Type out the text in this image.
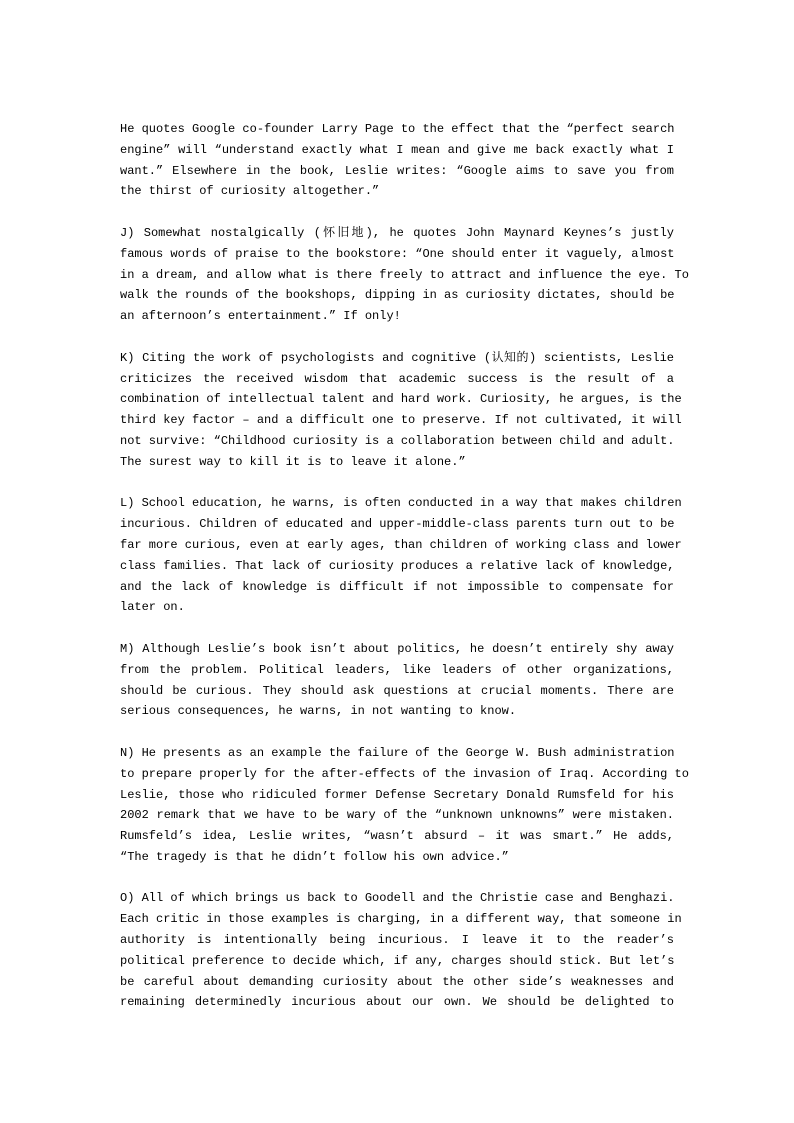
He quotes Google co-founder Larry Page to the effect that the “perfect search
engine” will “understand exactly what I mean and give me back exactly what I
want.” Elsewhere in the book, Leslie writes: “Google aims to save you from
the thirst of curiosity altogether.”
J) Somewhat nostalgically (怀旧地), he quotes John Maynard Keynes’s justly
famous words of praise to the bookstore: “One should enter it vaguely, almost
in a dream, and allow what is there freely to attract and influence the eye. To
walk the rounds of the bookshops, dipping in as curiosity dictates, should be
an afternoon’s entertainment.” If only!
K) Citing the work of psychologists and cognitive (认知的) scientists, Leslie
criticizes the received wisdom that academic success is the result of a
combination of intellectual talent and hard work. Curiosity, he argues, is the
third key factor – and a difficult one to preserve. If not cultivated, it will
not survive: “Childhood curiosity is a collaboration between child and adult.
The surest way to kill it is to leave it alone.”
L) School education, he warns, is often conducted in a way that makes children
incurious. Children of educated and upper-middle-class parents turn out to be
far more curious, even at early ages, than children of working class and lower
class families. That lack of curiosity produces a relative lack of knowledge,
and the lack of knowledge is difficult if not impossible to compensate for
later on.
M) Although Leslie’s book isn’t about politics, he doesn’t entirely shy away
from the problem. Political leaders, like leaders of other organizations,
should be curious. They should ask questions at crucial moments. There are
serious consequences, he warns, in not wanting to know.
N) He presents as an example the failure of the George W. Bush administration
to prepare properly for the after-effects of the invasion of Iraq. According to
Leslie, those who ridiculed former Defense Secretary Donald Rumsfeld for his
2002 remark that we have to be wary of the “unknown unknowns” were mistaken.
Rumsfeld’s idea, Leslie writes, “wasn’t absurd – it was smart.” He adds,
“The tragedy is that he didn’t follow his own advice.”
O) All of which brings us back to Goodell and the Christie case and Benghazi.
Each critic in those examples is charging, in a different way, that someone in
authority is intentionally being incurious. I leave it to the reader’s
political preference to decide which, if any, charges should stick. But let’s
be careful about demanding curiosity about the other side’s weaknesses and
remaining determinedly incurious about our own. We should be delighted to
